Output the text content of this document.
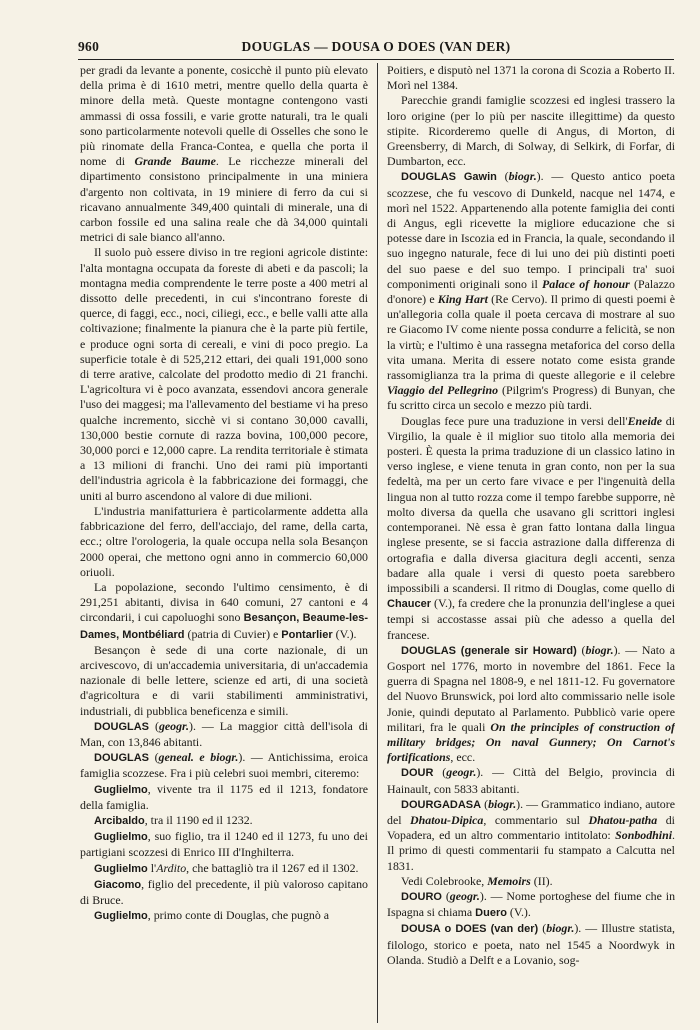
960	DOUGLAS — DOUSA O DOES (VAN DER)

per gradi da levante a ponente, cosicchè il punto più elevato della prima è di 1610 metri, mentre quello della quarta è minore della metà. Queste montagne contengono vasti ammassi di ossa fossili, e varie grotte naturali, tra le quali sono particolarmente notevoli quelle di Osselles che sono le più rinomate della Franca-Contea, e quella che porta il nome di Grande Baume. Le ricchezze minerali del dipartimento consistono principalmente in una miniera d'argento non coltivata, in 19 miniere di ferro da cui si ricavano annualmente 349,400 quintali di minerale, una di carbon fossile ed una salina reale che dà 34,000 quintali metrici di sale bianco all'anno.

Il suolo può essere diviso in tre regioni agricole distinte: l'alta montagna occupata da foreste di abeti e da pascoli; la montagna media comprendente le terre poste a 400 metri al dissotto delle precedenti, in cui s'incontrano foreste di querce, di faggi, ecc., noci, ciliegi, ecc., e belle valli atte alla coltivazione; finalmente la pianura che è la parte più fertile, e produce ogni sorta di cereali, e vini di poco pregio. La superficie totale è di 525,212 ettari, dei quali 191,000 sono di terre arative, calcolate del prodotto medio di 21 franchi. L'agricoltura vi è poco avanzata, essendovi ancora generale l'uso dei maggesi; ma l'allevamento del bestiame vi ha preso qualche incremento, sicchè vi si contano 30,000 cavalli, 130,000 bestie cornute di razza bovina, 100,000 pecore, 30,000 porci e 12,000 capre. La rendita territoriale è stimata a 13 milioni di franchi. Uno dei rami più importanti dell'industria agricola è la fabbricazione dei formaggi, che uniti al burro ascendono al valore di due milioni.

L'industria manifatturiera è particolarmente addetta alla fabbricazione del ferro, dell'acciajo, del rame, della carta, ecc.; oltre l'orologeria, la quale occupa nella sola Besançon 2000 operai, che mettono ogni anno in commercio 60,000 oriuoli.

La popolazione, secondo l'ultimo censimento, è di 291,251 abitanti, divisa in 640 comuni, 27 cantoni e 4 circondarii, i cui capoluoghi sono Besançon, Beaume-les-Dames, Montbéliard (patria di Cuvier) e Pontarlier (V.).

Besançon è sede di una corte nazionale, di un arcivescovo, di un'accademia universitaria, di un'accademia nazionale di belle lettere, scienze ed arti, di una società d'agricoltura e di varii stabilimenti amministrativi, industriali, di pubblica beneficenza e simili.

DOUGLAS (geogr.). — La maggior città dell'isola di Man, con 13,846 abitanti.

DOUGLAS (geneal. e biogr.). — Antichissima, eroica famiglia scozzese. Fra i più celebri suoi membri, citeremo:

Guglielmo, vivente tra il 1175 ed il 1213, fondatore della famiglia.

Arcibaldo, tra il 1190 ed il 1232.

Guglielmo, suo figlio, tra il 1240 ed il 1273, fu uno dei partigiani scozzesi di Enrico III d'Inghilterra.

Guglielmo l'Ardito, che battagliò tra il 1267 ed il 1302.

Giacomo, figlio del precedente, il più valoroso capitano di Bruce.

Guglielmo, primo conte di Douglas, che pugnò a

Poitiers, e disputò nel 1371 la corona di Scozia a Roberto II. Morì nel 1384.

Parecchie grandi famiglie scozzesi ed inglesi trassero la loro origine (per lo più per nascite illegittime) da questo stipite. Ricorderemo quelle di Angus, di Morton, di Greensberry, di March, di Solway, di Selkirk, di Forfar, di Dumbarton, ecc.

DOUGLAS Gawin (biogr.). — Questo antico poeta scozzese, che fu vescovo di Dunkeld, nacque nel 1474, e morì nel 1522. Appartenendo alla potente famiglia dei conti di Angus, egli ricevette la migliore educazione che si potesse dare in Iscozia ed in Francia, la quale, secondando il suo ingegno naturale, fece di lui uno dei più distinti poeti del suo paese e del suo tempo. I principali tra' suoi componimenti originali sono il Palace of honour (Palazzo d'onore) e King Hart (Re Cervo). Il primo di questi poemi è un'allegoria colla quale il poeta cercava di mostrare al suo re Giacomo IV come niente possa condurre a felicità, se non la virtù; e l'ultimo è una rassegna metaforica del corso della vita umana. Merita di essere notato come esista grande rassomiglianza tra la prima di queste allegorie e il celebre Viaggio del Pellegrino (Pilgrim's Progress) di Bunyan, che fu scritto circa un secolo e mezzo più tardi.

Douglas fece pure una traduzione in versi dell'Eneide di Virgilio, la quale è il miglior suo titolo alla memoria dei posteri. È questa la prima traduzione di un classico latino in verso inglese, e viene tenuta in gran conto, non per la sua fedeltà, ma per un certo fare vivace e per l'ingenuità della lingua non al tutto rozza come il tempo farebbe supporre, nè molto diversa da quella che usavano gli scrittori inglesi contemporanei. Nè essa è gran fatto lontana dalla lingua inglese presente, se si faccia astrazione dalla differenza di ortografia e dalla diversa giacitura degli accenti, senza badare alla quale i versi di questo poeta sarebbero impossibili a scandersi. Il ritmo di Douglas, come quello di Chaucer (V.), fa credere che la pronunzia dell'inglese a quei tempi si accostasse assai più che adesso a quella del francese.

DOUGLAS (generale sir Howard) (biogr.). — Nato a Gosport nel 1776, morto in novembre del 1861. Fece la guerra di Spagna nel 1808-9, e nel 1811-12. Fu governatore del Nuovo Brunswick, poi lord alto commissario nelle isole Jonie, quindi deputato al Parlamento. Pubblicò varie opere militari, fra le quali On the principles of construction of military bridges; On naval Gunnery; On Carnot's fortifications, ecc.

DOUR (geogr.). — Città del Belgio, provincia di Hainault, con 5833 abitanti.

DOURGADASA (biogr.). — Grammatico indiano, autore del Dhatou-Dipica, commentario sul Dhatou-patha di Vopadera, ed un altro commentario intitolato: Sonbodhini. Il primo di questi commentarii fu stampato a Calcutta nel 1831.

Vedi Colebrooke, Memoirs (II).

DOURO (geogr.). — Nome portoghese del fiume che in Ispagna si chiama Duero (V.).

DOUSA o DOES (van der) (biogr.). — Illustre statista, filologo, storico e poeta, nato nel 1545 a Noordwyk in Olanda. Studiò a Delft e a Lovanio, sog-
